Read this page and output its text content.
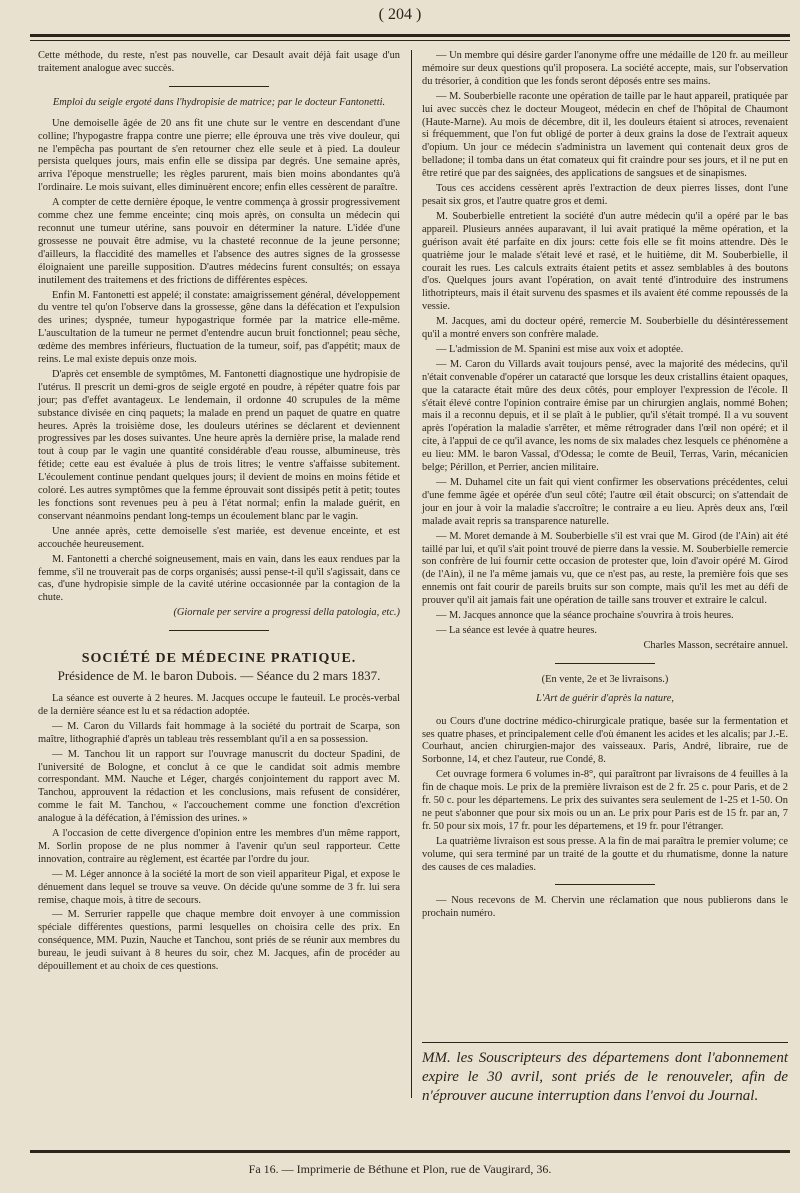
( 204 )

Cette méthode, du reste, n'est pas nouvelle, car Desault avait déjà fait usage d'un traitement analogue avec succès.

Emploi du seigle ergoté dans l'hydropisie de matrice; par le docteur Fantonetti.

Une demoiselle âgée de 20 ans fit une chute sur le ventre en descendant d'une colline; l'hypogastre frappa contre une pierre; elle éprouva une très vive douleur, qui ne l'empêcha pas pourtant de s'en retourner chez elle seule et à pied. La douleur persista quelques jours, mais enfin elle se dissipa par degrés. Une semaine après, arriva l'époque menstruelle; les règles parurent, mais bien moins abondantes qu'à l'ordinaire. Le mois suivant, elles diminuèrent encore; enfin elles cessèrent de paraître.

A compter de cette dernière époque, le ventre commença à grossir progressivement comme chez une femme enceinte; cinq mois après, on consulta un médecin qui reconnut une tumeur utérine, sans pouvoir en déterminer la nature. L'idée d'une grossesse ne pouvait être admise, vu la chasteté reconnue de la jeune personne; d'ailleurs, la flaccidité des mamelles et l'absence des autres signes de la grossesse éloignaient une pareille supposition. D'autres médecins furent consultés; on essaya inutilement des traitemens et des frictions de différentes espèces.

Enfin M. Fantonetti est appelé; il constate: amaigrissement général, développement du ventre tel qu'on l'observe dans la grossesse, gêne dans la défécation et l'expulsion des urines; dyspnée, tumeur hypogastrique formée par la matrice elle-même. L'auscultation de la tumeur ne permet d'entendre aucun bruit fonctionnel; peau sèche, œdème des membres inférieurs, fluctuation de la tumeur, soif, pas d'appétit; maux de reins. Le mal existe depuis onze mois.

D'après cet ensemble de symptômes, M. Fantonetti diagnostique une hydropisie de l'utérus. Il prescrit un demi-gros de seigle ergoté en poudre, à répéter quatre fois par jour; pas d'effet avantageux. Le lendemain, il ordonne 40 scrupules de la même substance divisée en cinq paquets; la malade en prend un paquet de quatre en quatre heures. Après la troisième dose, les douleurs utérines se déclarent et deviennent progressives par les doses suivantes. Une heure après la dernière prise, la malade rend tout à coup par le vagin une quantité considérable d'eau rousse, albumineuse, très fétide; cette eau est évaluée à plus de trois litres; le ventre s'affaisse subitement. L'écoulement continue pendant quelques jours; il devient de moins en moins fétide et coloré. Les autres symptômes que la femme éprouvait sont dissipés petit à petit; toutes les fonctions sont revenues peu à peu à l'état normal; enfin la malade guérit, en conservant néanmoins pendant long-temps un écoulement blanc par le vagin.

Une année après, cette demoiselle s'est mariée, est devenue enceinte, et est accouchée heureusement.

M. Fantonetti a cherché soigneusement, mais en vain, dans les eaux rendues par la femme, s'il ne trouverait pas de corps organisés; aussi pense-t-il qu'il s'agissait, dans ce cas, d'une hydropisie simple de la cavité utérine occasionnée par la contagion de la chute.

(Giornale per servire a progressi della patologia, etc.)

SOCIÉTÉ DE MÉDECINE PRATIQUE.

Présidence de M. le baron Dubois. — Séance du 2 mars 1837.

La séance est ouverte à 2 heures. M. Jacques occupe le fauteuil. Le procès-verbal de la dernière séance est lu et sa rédaction adoptée.

— M. Caron du Villards fait hommage à la société du portrait de Scarpa, son maître, lithographié d'après un tableau très ressemblant qu'il a en sa possession.

— M. Tanchou lit un rapport sur l'ouvrage manuscrit du docteur Spadini, de l'université de Bologne, et conclut à ce que le candidat soit admis membre correspondant. MM. Nauche et Léger, chargés conjointement du rapport avec M. Tanchou, approuvent la rédaction et les conclusions, mais refusent de considérer, comme le fait M. Tanchou, « l'accouchement comme une fonction d'excrétion analogue à la défécation, à l'émission des urines. »

A l'occasion de cette divergence d'opinion entre les membres d'un même rapport, M. Sorlin propose de ne plus nommer à l'avenir qu'un seul rapporteur. Cette innovation, contraire au règlement, est écartée par l'ordre du jour.

— M. Léger annonce à la société la mort de son vieil appariteur Pigal, et expose le dénuement dans lequel se trouve sa veuve. On décide qu'une somme de 3 fr. lui sera remise, chaque mois, à titre de secours.

— M. Serrurier rappelle que chaque membre doit envoyer à une commission spéciale différentes questions, parmi lesquelles on choisira celle des prix. En conséquence, MM. Puzin, Nauche et Tanchou, sont priés de se réunir aux membres du bureau, le jeudi suivant à 8 heures du soir, chez M. Jacques, afin de procéder au dépouillement et au choix de ces questions.

— Un membre qui désire garder l'anonyme offre une médaille de 120 fr. au meilleur mémoire sur deux questions qu'il proposera. La société accepte, mais, sur l'observation du trésorier, à condition que les fonds seront déposés entre ses mains.

— M. Souberbielle raconte une opération de taille par le haut appareil, pratiquée par lui avec succès chez le docteur Mougeot, médecin en chef de l'hôpital de Chaumont (Haute-Marne). Au mois de décembre, dit il, les douleurs étaient si atroces, revenaient si fréquemment, que l'on fut obligé de porter à deux grains la dose de l'extrait aqueux d'opium. Un jour ce médecin s'administra un lavement qui contenait deux gros de belladone; il tomba dans un état comateux qui fit craindre pour ses jours, et il ne put en être retiré que par des saignées, des applications de sangsues et de sinapismes.

Tous ces accidens cessèrent après l'extraction de deux pierres lisses, dont l'une pesait six gros, et l'autre quatre gros et demi.

M. Souberbielle entretient la société d'un autre médecin qu'il a opéré par le bas appareil. Plusieurs années auparavant, il lui avait pratiqué la même opération, et la guérison avait été parfaite en dix jours: cette fois elle se fit moins attendre. Dès le quatrième jour le malade s'était levé et rasé, et le huitième, dit M. Souberbielle, il courait les rues. Les calculs extraits étaient petits et assez semblables à des boutons d'os. Quelques jours avant l'opération, on avait tenté d'introduire des instrumens lithotripteurs, mais il était survenu des spasmes et ils avaient été comme repoussés de la vessie.

M. Jacques, ami du docteur opéré, remercie M. Souberbielle du désintéressement qu'il a montré envers son confrère malade.

— L'admission de M. Spanini est mise aux voix et adoptée.

— M. Caron du Villards avait toujours pensé, avec la majorité des médecins, qu'il n'était convenable d'opérer un cataracté que lorsque les deux cristallins étaient opaques, que la cataracte était mûre des deux côtés, pour employer l'expression de l'école. Il s'était élevé contre l'opinion contraire émise par un chirurgien anglais, nommé Bohen; mais il a reconnu depuis, et il se plaît à le publier, qu'il s'était trompé. Il a vu souvent après l'opération la maladie s'arrêter, et même rétrograder dans l'œil non opéré; et il cite, à l'appui de ce qu'il avance, les noms de six malades chez lesquels ce phénomène a eu lieu: MM. le baron Vassal, d'Odessa; le comte de Beuil, Terras, Varin, mécanicien belge; Périllon, et Perrier, ancien militaire.

— M. Duhamel cite un fait qui vient confirmer les observations précédentes, celui d'une femme âgée et opérée d'un seul côté; l'autre œil était obscurci; on s'attendait de jour en jour à voir la maladie s'accroître; le contraire a eu lieu. Après deux ans, l'œil malade avait repris sa transparence naturelle.

— M. Moret demande à M. Souberbielle s'il est vrai que M. Girod (de l'Ain) ait été taillé par lui, et qu'il s'ait point trouvé de pierre dans la vessie. M. Souberbielle remercie son confrère de lui fournir cette occasion de protester que, loin d'avoir opéré M. Girod (de l'Ain), il ne l'a même jamais vu, que ce n'est pas, au reste, la première fois que ses ennemis ont fait courir de pareils bruits sur son compte, mais qu'il les met au défi de prouver qu'il ait jamais fait une opération de taille sans trouver et extraire le calcul.

— M. Jacques annonce que la séance prochaine s'ouvrira à trois heures.

— La séance est levée à quatre heures.

Charles Masson, secrétaire annuel.

(En vente, 2e et 3e livraisons.)

L'Art de guérir d'après la nature,

ou Cours d'une doctrine médico-chirurgicale pratique, basée sur la fermentation et ses quatre phases, et principalement celle d'où émanent les acides et les alcalis; par J.-E. Courhaut, ancien chirurgien-major des vaisseaux. Paris, André, libraire, rue de Sorbonne, 14, et chez l'auteur, rue Condé, 8.

Cet ouvrage formera 6 volumes in-8°, qui paraîtront par livraisons de 4 feuilles à la fin de chaque mois. Le prix de la première livraison est de 2 fr. 25 c. pour Paris, et de 2 fr. 50 c. pour les départemens. Le prix des suivantes sera seulement de 1-25 et 1-50. On ne peut s'abonner que pour six mois ou un an. Le prix pour Paris est de 15 fr. par an, 7 fr. 50 pour six mois, 17 fr. pour les départemens, et 19 fr. pour l'étranger.

La quatrième livraison est sous presse. A la fin de mai paraîtra le premier volume; ce volume, qui sera terminé par un traité de la goutte et du rhumatisme, donne la nature des causes de ces maladies.

— Nous recevons de M. Chervin une réclamation que nous publierons dans le prochain numéro.

MM. les Souscripteurs des départemens dont l'abonnement expire le 30 avril, sont priés de le renouveler, afin de n'éprouver aucune interruption dans l'envoi du Journal.
Fa 16. — Imprimerie de Béthune et Plon, rue de Vaugirard, 36.
